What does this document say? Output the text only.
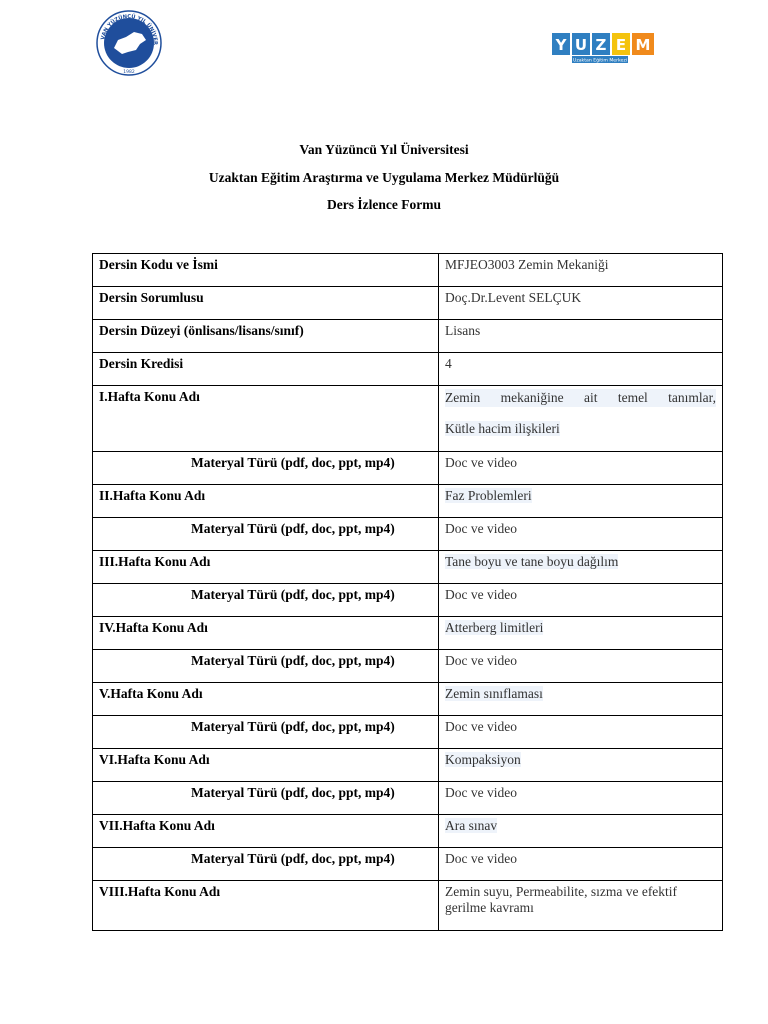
VAN YÜZÜNCÜ YIL ÜNİVER
1982
Y U Z E M
Uzaktan Eğitim Merkezi
Van Yüzüncü Yıl Üniversitesi
Uzaktan Eğitim Araştırma ve Uygulama Merkez Müdürlüğü
Ders İzlence Formu
Dersin Kodu ve İsmi	MFJEO3003 Zemin Mekaniği
Dersin Sorumlusu	Doç.Dr.Levent SELÇUK
Dersin Düzeyi (önlisans/lisans/sınıf)	Lisans
Dersin Kredisi	4
I.Hafta Konu Adı	Zemin mekaniğine ait temel tanımlar,
Kütle hacim ilişkileri
Materyal Türü (pdf, doc, ppt, mp4)	Doc ve video
II.Hafta Konu Adı	Faz Problemleri
Materyal Türü (pdf, doc, ppt, mp4)	Doc ve video
III.Hafta Konu Adı	Tane boyu ve tane boyu dağılım
Materyal Türü (pdf, doc, ppt, mp4)	Doc ve video
IV.Hafta Konu Adı	Atterberg limitleri
Materyal Türü (pdf, doc, ppt, mp4)	Doc ve video
V.Hafta Konu Adı	Zemin sınıflaması
Materyal Türü (pdf, doc, ppt, mp4)	Doc ve video
VI.Hafta Konu Adı	Kompaksiyon
Materyal Türü (pdf, doc, ppt, mp4)	Doc ve video
VII.Hafta Konu Adı	Ara sınav
Materyal Türü (pdf, doc, ppt, mp4)	Doc ve video
VIII.Hafta Konu Adı	Zemin suyu, Permeabilite, sızma ve efektif gerilme kavramı
